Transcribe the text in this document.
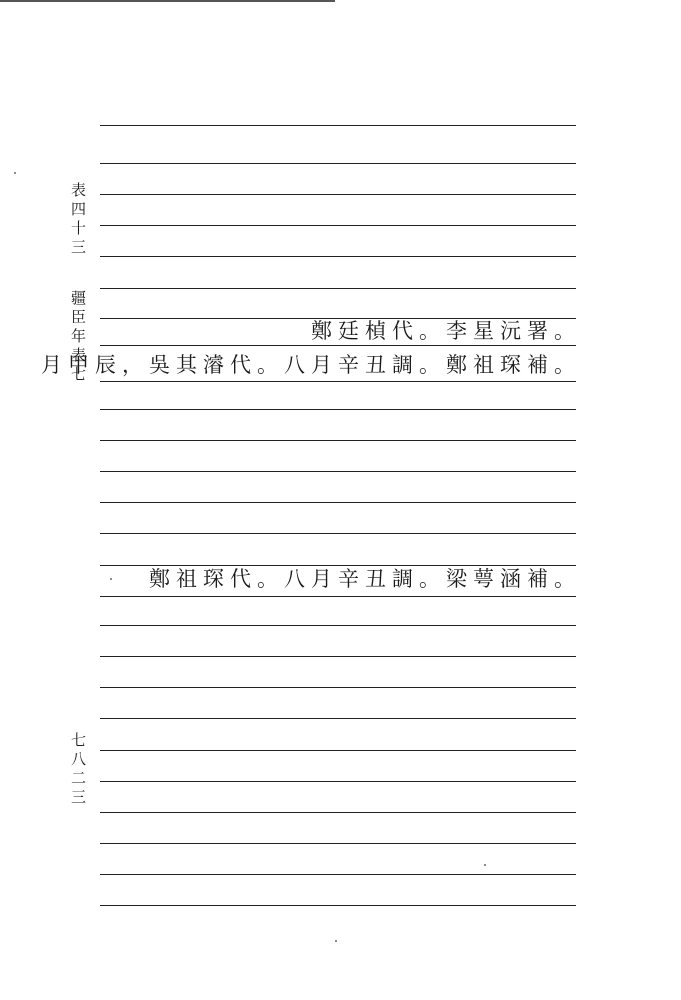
表四十三
疆臣年表七
七八二三
鄭廷楨代。李星沅署。
月甲辰，吳其濬代。八月辛丑調。鄭祖琛補。
鄭祖琛代。八月辛丑調。梁萼涵補。
